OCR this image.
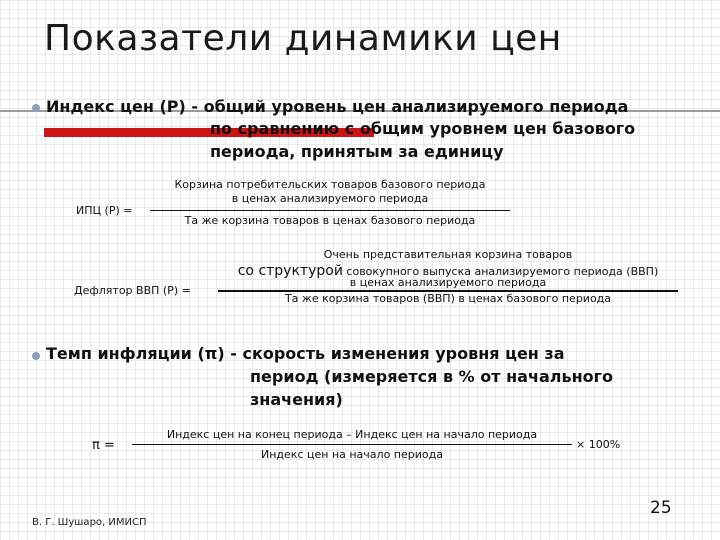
Показатели динамики цен
Индекс цен (Р) - общий уровень цен анализируемого периода
по сравнению с общим уровнем цен базового
периода, принятым за единицу
ИПЦ (Р) =
Корзина потребительских товаров базового периода
в ценах анализируемого периода
Та же корзина товаров в ценах базового периода
Дефлятор ВВП (Р) =
Очень представительная корзина товаров
со структурой совокупного выпуска анализируемого периода (ВВП)
в ценах анализируемого периода
Та же корзина товаров (ВВП) в ценах базового периода
Темп инфляции (π) - скорость изменения уровня цен за
период (измеряется в % от начального
значения)
π =
Индекс цен на конец периода – Индекс цен на начало периода
Индекс цен на начало периода
× 100%
В. Г. Шушаро, ИМИСП
25
